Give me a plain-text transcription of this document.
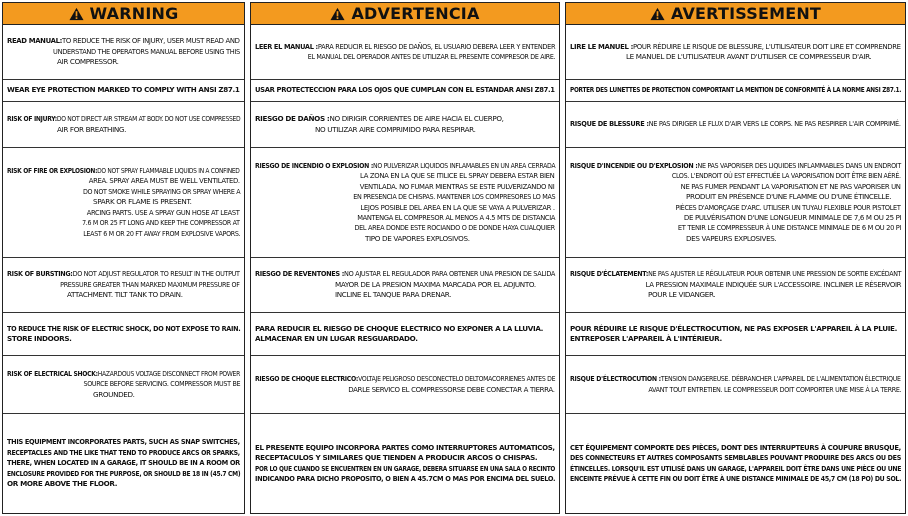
WARNING
READ MANUAL:TO REDUCE THE RISK OF INJURY, USER MUST READ AND
UNDERSTAND THE OPERATORS MANUAL BEFORE USING THIS
AIR COMPRESSOR.
WEAR EYE PROTECTION MARKED TO COMPLY WITH ANSI Z87.1
RISK OF INJURY:DO NOT DIRECT AIR STREAM AT BODY. DO NOT USE COMPRESSED
AIR FOR BREATHING.
RISK OF FIRE OR EXPLOSION:DO NOT SPRAY FLAMMABLE LIQUIDS IN A CONFINED
AREA. SPRAY AREA MUST BE WELL VENTILATED.
DO NOT SMOKE WHILE SPRAYING OR SPRAY WHERE A
SPARK OR FLAME IS PRESENT.
ARCING PARTS. USE A SPRAY GUN HOSE AT LEAST
7.6 M OR 25 FT LONG AND KEEP THE COMPRESSOR AT
LEAST 6 M OR 20 FT AWAY FROM EXPLOSIVE VAPORS.
RISK OF BURSTING:DO NOT ADJUST REGULATOR TO RESULT IN THE OUTPUT
PRESSURE GREATER THAN MARKED MAXIMUM PRESSURE OF
ATTACHMENT. TILT TANK TO DRAIN.
TO REDUCE THE RISK OF ELECTRIC SHOCK, DO NOT EXPOSE TO RAIN.
STORE INDOORS.
RISK OF ELECTRICAL SHOCK:HAZARDOUS VOLTAGE DISCONNECT FROM POWER
SOURCE BEFORE SERVICING. COMPRESSOR MUST BE
GROUNDED.
THIS EQUIPMENT INCORPORATES PARTS, SUCH AS SNAP SWITCHES,
RECEPTACLES AND THE LIKE THAT TEND TO PRODUCE ARCS OR SPARKS,
THERE, WHEN LOCATED IN A GARAGE, IT SHOULD BE IN A ROOM OR
ENCLOSURE PROVIDED FOR THE PURPOSE, OR SHOULD BE 18 IN (45.7 CM)
OR MORE ABOVE THE FLOOR.
ADVERTENCIA
LEER EL MANUAL :PARA REDUCIR EL RIESGO DE DAÑOS, EL USUARIO DEBERA LEER Y ENTENDER
EL MANUAL DEL OPERADOR ANTES DE UTILIZAR EL PRESENTE COMPRESOR DE AIRE.
USAR PROTECTECCION PARA LOS OJOS QUE CUMPLAN CON EL ESTANDAR ANSI Z87.1
RIESGO DE DAÑOS :NO DIRIGIR CORRIENTES DE AIRE HACIA EL CUERPO,
NO UTILIZAR AIRE COMPRIMIDO PARA RESPIRAR.
RIESGO DE INCENDIO O EXPLOSION :NO PULVERIZAR LIQUIDOS INFLAMABLES EN UN AREA CERRADA
LA ZONA EN LA QUE SE ITILICE EL SPRAY DEBERA ESTAR BIEN
VENTILADA. NO FUMAR MIENTRAS SE ESTE PULVERIZANDO NI
EN PRESENCIA DE CHISPAS. MANTENER LOS COMPRESORES LO MAS
LEJOS POSIBLE DEL AREA EN LA QUE SE VAYA A PULVERIZAR .
MANTENGA EL COMPRESOR AL MENOS A 4.5 MTS DE DISTANCIA
DEL AREA DONDE ESTE ROCIANDO O DE DONDE HAYA CUALQUIER
TIPO DE VAPORES EXPLOSIVOS.
RIESGO DE REVENTONES :NO AJUSTAR EL REGULADOR PARA OBTENER UNA PRESION DE SALIDA
MAYOR DE LA PRESION MAXIMA MARCADA POR EL ADJUNTO.
INCLINE EL TANQUE PARA DRENAR.
PARA REDUCIR EL RIESGO DE CHOQUE ELECTRICO NO EXPONER A LA LLUVIA.
ALMACENAR EN UN LUGAR RESGUARDADO.
RIESGO DE CHOQUE ELECTRICO:VOLTAJE PELIGROSO DESCONECTELO DELTOMACORRIENES ANTES DE
DARLE SERVICO EL COMPRESSORSE DEBE CONECTAR A TIERRA.
EL PRESENTE EQUIPO INCORPORA PARTES COMO INTERRUPTORES AUTOMATICOS,
RECEPTACULOS Y SIMILARES QUE TIENDEN A PRODUCIR ARCOS O CHISPAS.
POR LO QUE CUANDO SE ENCUENTREN EN UN GARAGE, DEBERA SITUARSE EN UNA SALA O RECINTO
INDICANDO PARA DICHO PROPOSITO, O BIEN A 45.7CM O MAS POR ENCIMA DEL SUELO.
AVERTISSEMENT
LIRE LE MANUEL :POUR RÉDUIRE LE RISQUE DE BLESSURE, L'UTILISATEUR DOIT LIRE ET COMPRENDRE
LE MANUEL DE L'UTILISATEUR AVANT D'UTILISER CE COMPRESSEUR D'AIR.
PORTER DES LUNETTES DE PROTECTION COMPORTANT LA MENTION DE CONFORMITÉ À LA NORME ANSI Z87.1.
RISQUE DE BLESSURE :NE PAS DIRIGER LE FLUX D'AIR VERS LE CORPS. NE PAS RESPIRER L'AIR COMPRIMÉ.
RISQUE D'INCENDIE OU D'EXPLOSION :NE PAS VAPORISER DES LIQUIDES INFLAMMABLES DANS UN ENDROIT
CLOS. L'ENDROIT OÙ EST EFFECTUÉE LA VAPORISATION DOIT ÊTRE BIEN AÉRÉ.
NE PAS FUMER PENDANT LA VAPORISATION ET NE PAS VAPORISER UN
PRODUIT EN PRÉSENCE D'UNE FLAMME OU D'UNE ÉTINCELLE.
PIÈCES D'AMORÇAGE D'ARC. UTILISER UN TUYAU FLEXIBLE POUR PISTOLET
DE PULVÉRISATION D'UNE LONGUEUR MINIMALE DE 7,6 M OU 25 PI
ET TENIR LE COMPRESSEUR À UNE DISTANCE MINIMALE DE 6 M OU 20 PI
DES VAPEURS EXPLOSIVES.
RISQUE D'ÉCLATEMENT:NE PAS AJUSTER LE RÉGULATEUR POUR OBTENIR UNE PRESSION DE SORTIE EXCÉDANT
LA PRESSION MAXIMALE INDIQUÉE SUR L'ACCESSOIRE. INCLINER LE RÉSERVOIR
POUR LE VIDANGER.
POUR RÉDUIRE LE RISQUE D'ÉLECTROCUTION, NE PAS EXPOSER L'APPAREIL À LA PLUIE.
ENTREPOSER L'APPAREIL À L'INTÉRIEUR.
RISQUE D'ÉLECTROCUTION :TENSION DANGEREUSE. DÉBRANCHER L'APPAREIL DE L'ALIMENTATION ÉLECTRIQUE
AVANT TOUT ENTRETIEN. LE COMPRESSEUR DOIT COMPORTER UNE MISE À LA TERRE.
CET ÉQUIPEMENT COMPORTE DES PIÈCES, DONT DES INTERRUPTEURS À COUPURE BRUSQUE,
DES CONNECTEURS ET AUTRES COMPOSANTS SEMBLABLES POUVANT PRODUIRE DES ARCS OU DES
ÉTINCELLES. LORSQU'IL EST UTILISÉ DANS UN GARAGE, L'APPAREIL DOIT ÊTRE DANS UNE PIÈCE OU UNE
ENCEINTE PRÉVUE À CETTE FIN OU DOIT ÊTRE À UNE DISTANCE MINIMALE DE 45,7 CM (18 PO) DU SOL.
